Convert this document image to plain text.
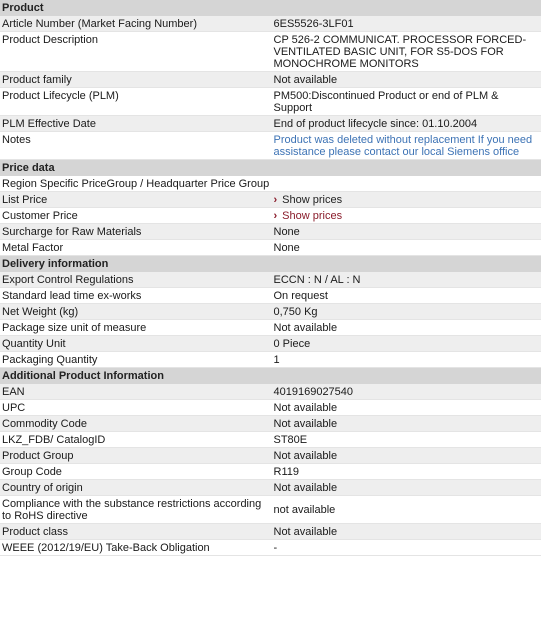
Product	
Article Number (Market Facing Number)	6ES5526-3LF01
Product Description	CP 526-2 COMMUNICAT. PROCESSOR FORCED-VENTILATED BASIC UNIT, FOR S5-DOS FOR MONOCHROME MONITORS
Product family	Not available
Product Lifecycle (PLM)	PM500:Discontinued Product or end of PLM & Support
PLM Effective Date	End of product lifecycle since: 01.10.2004
Notes	Product was deleted without replacement If you need assistance please contact our local Siemens office
Price data	
Region Specific PriceGroup / Headquarter Price Group	
List Price	› Show prices
Customer Price	› Show prices
Surcharge for Raw Materials	None
Metal Factor	None
Delivery information	
Export Control Regulations	ECCN : N / AL : N
Standard lead time ex-works	On request
Net Weight (kg)	0,750 Kg
Package size unit of measure	Not available
Quantity Unit	0 Piece
Packaging Quantity	1
Additional Product Information	
EAN	4019169027540
UPC	Not available
Commodity Code	Not available
LKZ_FDB/ CatalogID	ST80E
Product Group	Not available
Group Code	R119
Country of origin	Not available
Compliance with the substance restrictions according to RoHS directive	not available
Product class	Not available
WEEE (2012/19/EU) Take-Back Obligation	-
